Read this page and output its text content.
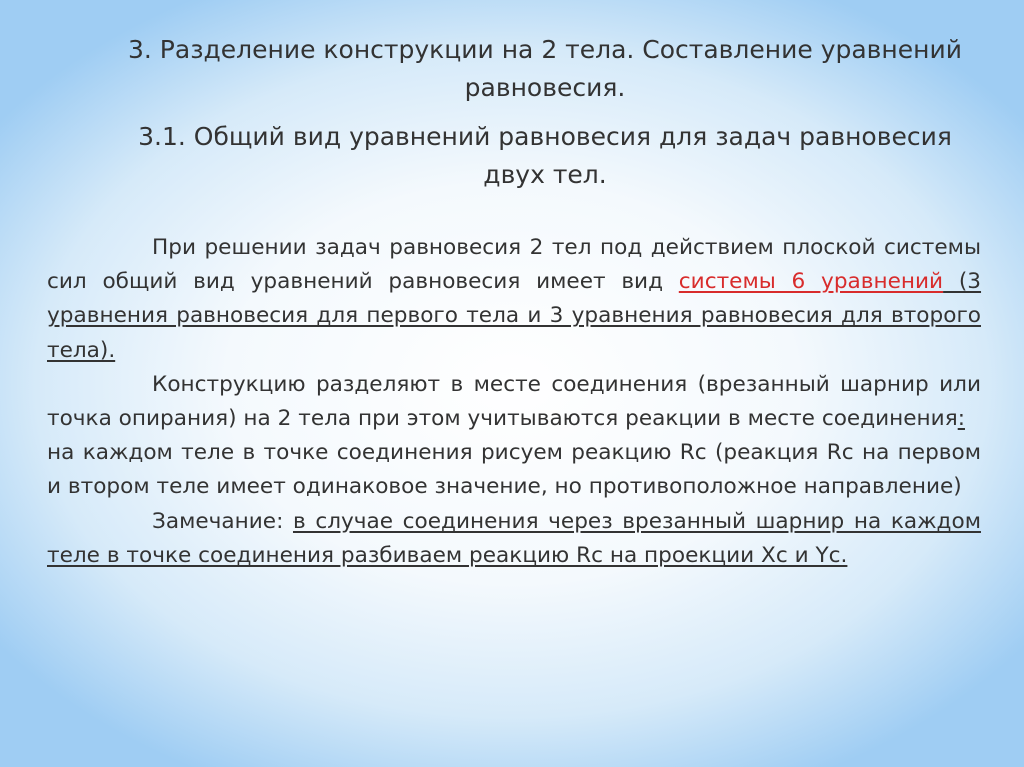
3. Разделение конструкции на 2 тела. Составление уравнений равновесия.
3.1. Общий вид уравнений равновесия для задач равновесия двух тел.

При решении задач равновесия 2 тел под действием плоской системы сил общий вид уравнений равновесия имеет вид системы 6 уравнений (3 уравнения равновесия для первого тела и 3 уравнения равновесия для второго тела).

Конструкцию разделяют в месте соединения (врезанный шарнир или точка опирания) на 2 тела при этом учитываются реакции в месте соединения:

на каждом теле в точке соединения рисуем реакцию Rc (реакция Rc на первом и втором теле имеет одинаковое значение, но противоположное направление)

Замечание: в случае соединения через врезанный шарнир на каждом теле в точке соединения разбиваем реакцию Rc на проекции Xc и Yc.
